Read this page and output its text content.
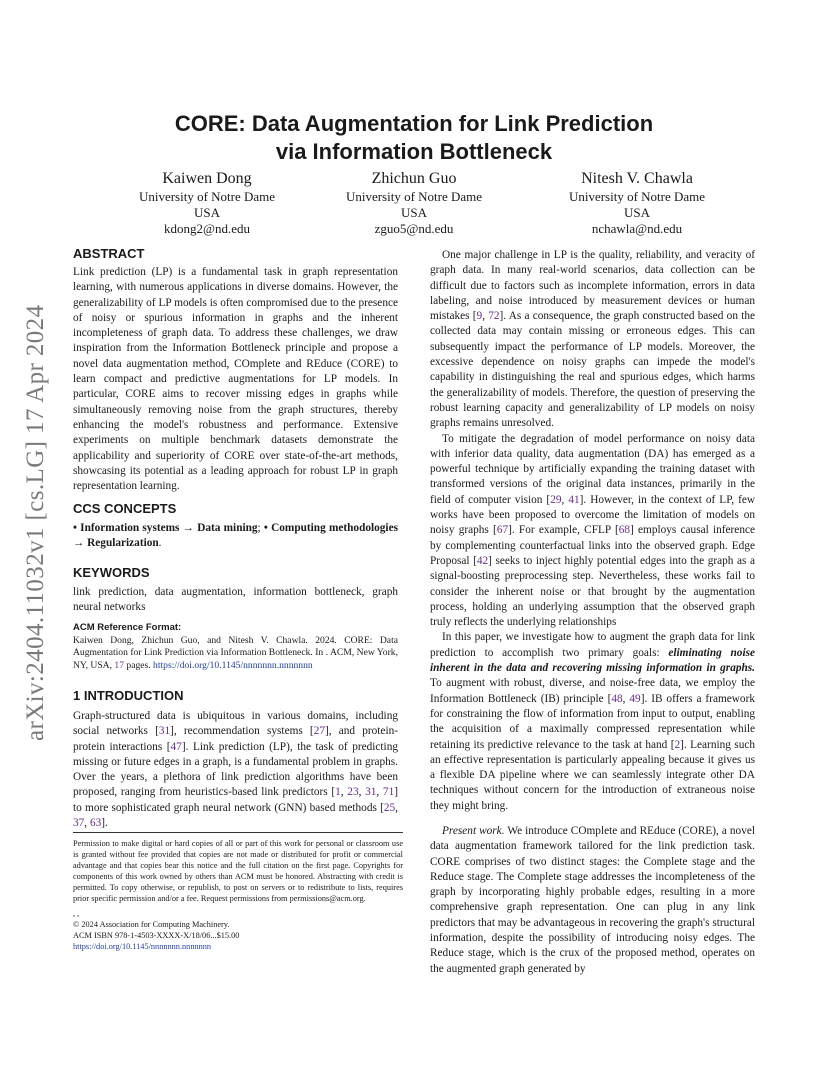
arXiv:2404.11032v1 [cs.LG] 17 Apr 2024
CORE: Data Augmentation for Link Prediction
via Information Bottleneck
Kaiwen Dong
University of Notre Dame
USA
kdong2@nd.edu
Zhichun Guo
University of Notre Dame
USA
zguo5@nd.edu
Nitesh V. Chawla
University of Notre Dame
USA
nchawla@nd.edu
ABSTRACT

Link prediction (LP) is a fundamental task in graph representation learning, with numerous applications in diverse domains. However, the generalizability of LP models is often compromised due to the presence of noisy or spurious information in graphs and the inherent incompleteness of graph data. To address these challenges, we draw inspiration from the Information Bottleneck principle and propose a novel data augmentation method, COmplete and REduce (CORE) to learn compact and predictive augmentations for LP models. In particular, CORE aims to recover missing edges in graphs while simultaneously removing noise from the graph structures, thereby enhancing the model's robustness and performance. Extensive experiments on multiple benchmark datasets demonstrate the applicability and superiority of CORE over state-of-the-art methods, showcasing its potential as a leading approach for robust LP in graph representation learning.

CCS CONCEPTS

• Information systems → Data mining; • Computing methodologies → Regularization.

KEYWORDS

link prediction, data augmentation, information bottleneck, graph neural networks

ACM Reference Format:

Kaiwen Dong, Zhichun Guo, and Nitesh V. Chawla. 2024. CORE: Data Augmentation for Link Prediction via Information Bottleneck. In . ACM, New York, NY, USA, 17 pages. https://doi.org/10.1145/nnnnnnn.nnnnnnn

1 INTRODUCTION

Graph-structured data is ubiquitous in various domains, including social networks [31], recommendation systems [27], and protein-protein interactions [47]. Link prediction (LP), the task of predicting missing or future edges in a graph, is a fundamental problem in graphs. Over the years, a plethora of link prediction algorithms have been proposed, ranging from heuristics-based link predictors [1, 23, 31, 71] to more sophisticated graph neural network (GNN) based methods [25, 37, 63].

Permission to make digital or hard copies of all or part of this work for personal or classroom use is granted without fee provided that copies are not made or distributed for profit or commercial advantage and that copies bear this notice and the full citation on the first page. Copyrights for components of this work owned by others than ACM must be honored. Abstracting with credit is permitted. To copy otherwise, or republish, to post on servers or to redistribute to lists, requires prior specific permission and/or a fee. Request permissions from permissions@acm.org.
, ,
© 2024 Association for Computing Machinery.
ACM ISBN 978-1-4503-XXXX-X/18/06...$15.00
https://doi.org/10.1145/nnnnnnn.nnnnnnn

One major challenge in LP is the quality, reliability, and veracity of graph data. In many real-world scenarios, data collection can be difficult due to factors such as incomplete information, errors in data labeling, and noise introduced by measurement devices or human mistakes [9, 72]. As a consequence, the graph constructed based on the collected data may contain missing or erroneous edges. This can subsequently impact the performance of LP models. Moreover, the excessive dependence on noisy graphs can impede the model's capability in distinguishing the real and spurious edges, which harms the generalizability of models. Therefore, the question of preserving the robust learning capacity and generalizability of LP models on noisy graphs remains unresolved.

To mitigate the degradation of model performance on noisy data with inferior data quality, data augmentation (DA) has emerged as a powerful technique by artificially expanding the training dataset with transformed versions of the original data instances, primarily in the field of computer vision [29, 41]. However, in the context of LP, few works have been proposed to overcome the limitation of models on noisy graphs [67]. For example, CFLP [68] employs causal inference by complementing counterfactual links into the observed graph. Edge Proposal [42] seeks to inject highly potential edges into the graph as a signal-boosting preprocessing step. Nevertheless, these works fail to consider the inherent noise or that brought by the augmentation process, holding an underlying assumption that the observed graph truly reflects the underlying relationships

In this paper, we investigate how to augment the graph data for link prediction to accomplish two primary goals: eliminating noise inherent in the data and recovering missing information in graphs. To augment with robust, diverse, and noise-free data, we employ the Information Bottleneck (IB) principle [48, 49]. IB offers a framework for constraining the flow of information from input to output, enabling the acquisition of a maximally compressed representation while retaining its predictive relevance to the task at hand [2]. Learning such an effective representation is particularly appealing because it gives us a flexible DA pipeline where we can seamlessly integrate other DA techniques without concern for the introduction of extraneous noise they might bring.

Present work. We introduce COmplete and REduce (CORE), a novel data augmentation framework tailored for the link prediction task. CORE comprises of two distinct stages: the Complete stage and the Reduce stage. The Complete stage addresses the incompleteness of the graph by incorporating highly probable edges, resulting in a more comprehensive graph representation. One can plug in any link predictors that may be advantageous in recovering the graph's structural information, despite the possibility of introducing noisy edges. The Reduce stage, which is the crux of the proposed method, operates on the augmented graph generated by
